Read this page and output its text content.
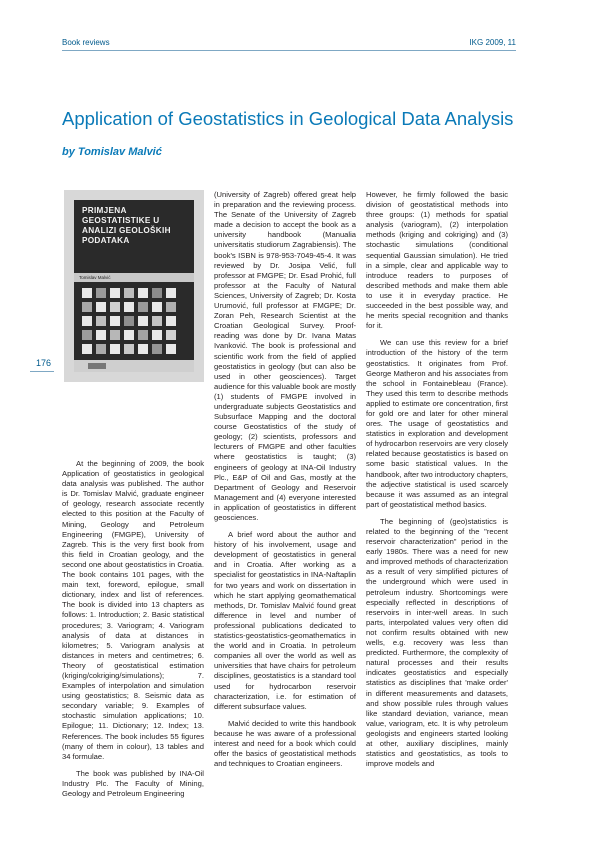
Book reviews	IKG 2009, 11
176
Application of Geostatistics in Geological Data Analysis
by Tomislav Malvić
PRIMJENA GEOSTATISTIKE U ANALIZI GEOLOŠKIH PODATAKA
Tomislav Malvić

At the beginning of 2009, the book Application of geostatistics in geological data analysis was published. The author is Dr. Tomislav Malvić, graduate engineer of geology, research associate recently elected to this position at the Faculty of Mining, Geology and Petroleum Engineering (FMGPE), University of Zagreb. This is the very first book from this field in Croatian geology, and the second one about geostatistics in Croatia. The book contains 101 pages, with the main text, foreword, epilogue, small dictionary, index and list of references. The book is divided into 13 chapters as follows: 1. Introduction; 2. Basic statistical procedures; 3. Variogram; 4. Variogram analysis of data at distances in kilometres; 5. Variogram analysis at distances in meters and centimetres; 6. Theory of geostatistical estimation (kriging/cokriging/simulations); 7. Examples of interpolation and simulation using geostatistics; 8. Seismic data as secondary variable; 9. Examples of stochastic simulation applications; 10. Epilogue; 11. Dictionary; 12. Index; 13. References. The book includes 55 figures (many of them in colour), 13 tables and 34 formulae.

The book was published by INA-Oil Industry Plc. The Faculty of Mining, Geology and Petroleum Engineering

(University of Zagreb) offered great help in preparation and the reviewing process. The Senate of the University of Zagreb made a decision to accept the book as a university handbook (Manualia universitatis studiorum Zagrabiensis). The book's ISBN is 978-953-7049-45-4. It was reviewed by Dr. Josipa Velić, full professor at FMGPE; Dr. Esad Prohić, full professor at the Faculty of Natural Sciences, University of Zagreb; Dr. Kosta Urumović, full professor at FMGPE; Dr. Zoran Peh, Research Scientist at the Croatian Geological Survey. Proof-reading was done by Dr. Ivana Matas Ivanković. The book is professional and scientific work from the field of applied geostatistics in geology (but can also be used in other geosciences). Target audience for this valuable book are mostly (1) students of FMGPE involved in undergraduate subjects Geostatistics and Subsurface Mapping and the doctoral course Geostatistics of the study of geology; (2) scientists, professors and lecturers of FMGPE and other faculties where geostatistics is taught; (3) engineers of geology at INA-Oil Industry Plc., E&P of Oil and Gas, mostly at the Department of Geology and Reservoir Management and (4) everyone interested in application of geostatistics in different geosciences.

A brief word about the author and history of his involvement, usage and development of geostatistics in general and in Croatia. After working as a specialist for geostatistics in INA-Naftaplin for two years and work on dissertation in which he start applying geomathematical methods, Dr. Tomislav Malvić found great difference in level and number of professional publications dedicated to statistics-geostatistics-geomathematics in the world and in Croatia. In petroleum companies all over the world as well as universities that have chairs for petroleum disciplines, geostatistics is a standard tool used for hydrocarbon reservoir characterization, i.e. for estimation of different subsurface values.

Malvić decided to write this handbook because he was aware of a professional interest and need for a book which could offer the basics of geostatistical methods and techniques to Croatian engineers.

However, he firmly followed the basic division of geostatistical methods into three groups: (1) methods for spatial analysis (variogram), (2) interpolation methods (kriging and cokriging) and (3) stochastic simulations (conditional sequential Gaussian simulation). He tried in a simple, clear and applicable way to introduce readers to purposes of described methods and make them able to use it in everyday practice. He succeeded in the best possible way, and he merits special recognition and thanks for it.

We can use this review for a brief introduction of the history of the term geostatistics. It originates from Prof. George Matheron and his associates from the school in Fontainebleau (France). They used this term to describe methods applied to estimate ore concentration, first for gold ore and later for other mineral ores. The usage of geostatistics and statistics in exploration and development of hydrocarbon reservoirs are very closely related because geostatistics is based on some basic statistical values. In the handbook, after two introductory chapters, the adjective statistical is used scarcely because it was assumed as an integral part of geostatistical method basics.

The beginning of (geo)statistics is related to the beginning of the "recent reservoir characterization" period in the early 1980s. There was a need for new and improved methods of characterization as a result of very simplified pictures of the underground which were used in petroleum industry. Shortcomings were especially reflected in descriptions of reservoirs in inter-well areas. In such parts, interpolated values very often did not confirm results obtained with new wells, e.g. recovery was less than predicted. Furthermore, the complexity of natural processes and their results indicates geostatistics and especially statistics as disciplines that 'make order' in different measurements and datasets, and show possible rules through values like standard deviation, variance, mean value, variogram, etc. It is why petroleum geologists and engineers started looking at other, auxiliary disciplines, mainly statistics and geostatistics, as tools to improve models and
